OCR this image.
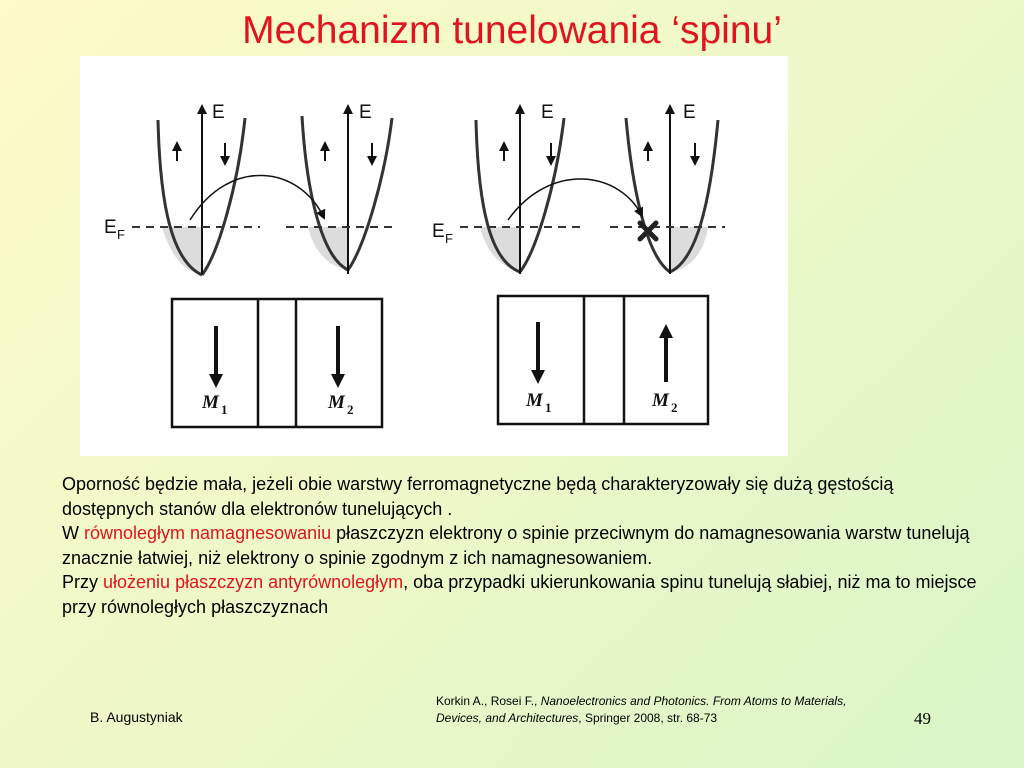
Mechanizm tunelowania ‘spinu’
E	E
E F
M 1	M 2
E	E
E F
M 1	M 2

Oporność będzie mała, jeżeli obie warstwy ferromagnetyczne będą charakteryzowały się dużą gęstością dostępnych stanów dla elektronów tunelujących .

W równoległym namagnesowaniu płaszczyzn elektrony o spinie przeciwnym do namagnesowania warstw tunelują znacznie łatwiej, niż elektrony o spinie zgodnym z ich namagnesowaniem.

Przy ułożeniu płaszczyzn antyrównoległym, oba przypadki ukierunkowania spinu tunelują słabiej, niż ma to miejsce przy równoległych płaszczyznach

B. Augustyniak
Korkin A., Rosei F., Nanoelectronics and Photonics. From Atoms to Materials, Devices, and Architectures, Springer 2008, str. 68-73	49
